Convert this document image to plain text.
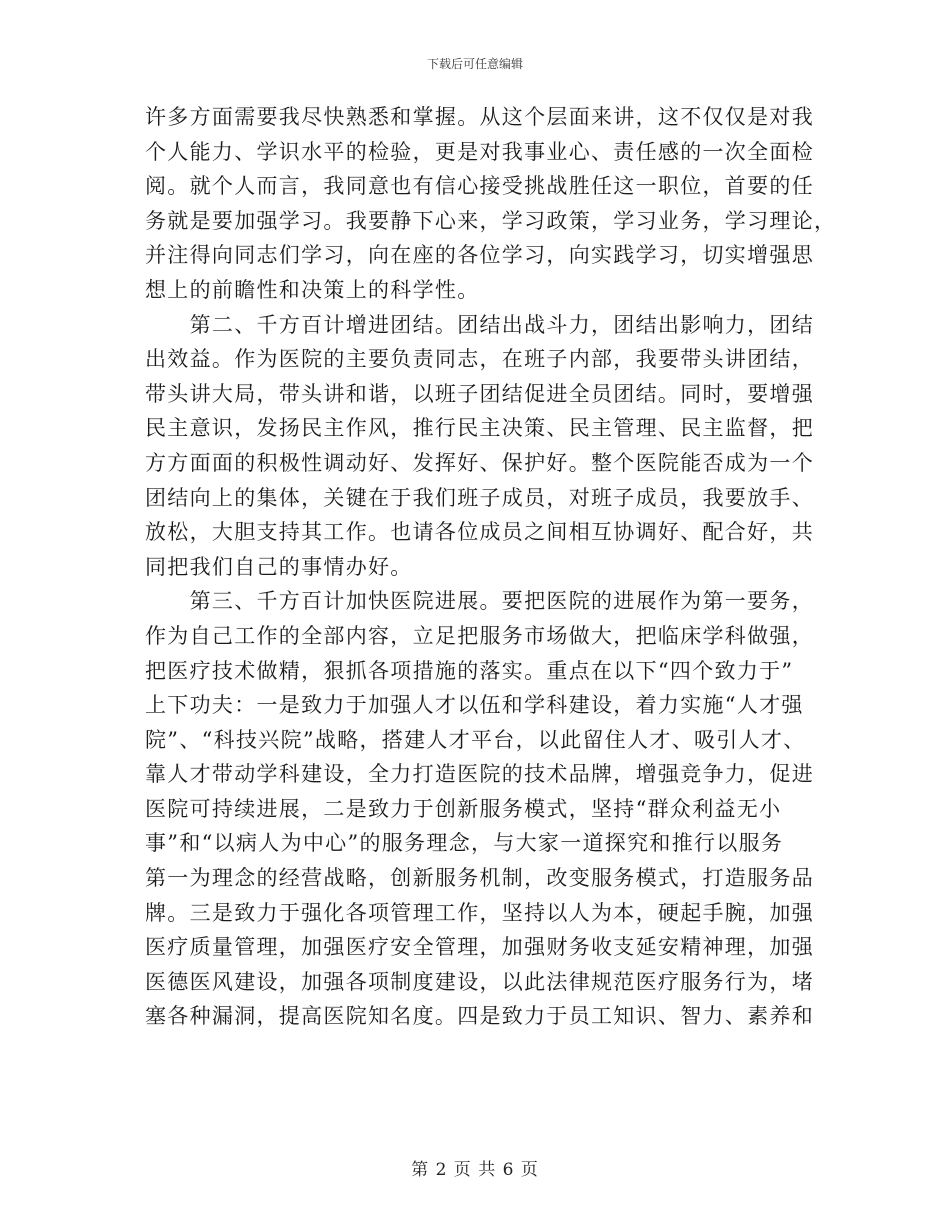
下载后可任意编辑
许多方面需要我尽快熟悉和掌握。从这个层面来讲，这不仅仅是对我
个人能力、学识水平的检验，更是对我事业心、责任感的一次全面检
阅。就个人而言，我同意也有信心接受挑战胜任这一职位，首要的任
务就是要加强学习。我要静下心来，学习政策，学习业务，学习理论，
并注得向同志们学习，向在座的各位学习，向实践学习，切实增强思
想上的前瞻性和决策上的科学性。
　　第二、千方百计增进团结。团结出战斗力，团结出影响力，团结
出效益。作为医院的主要负责同志，在班子内部，我要带头讲团结，
带头讲大局，带头讲和谐，以班子团结促进全员团结。同时，要增强
民主意识，发扬民主作风，推行民主决策、民主管理、民主监督，把
方方面面的积极性调动好、发挥好、保护好。整个医院能否成为一个
团结向上的集体，关键在于我们班子成员，对班子成员，我要放手、
放松，大胆支持其工作。也请各位成员之间相互协调好、配合好，共
同把我们自己的事情办好。
　　第三、千方百计加快医院进展。要把医院的进展作为第一要务，
作为自己工作的全部内容，立足把服务市场做大，把临床学科做强，
把医疗技术做精，狠抓各项措施的落实。重点在以下“四个致力于”
上下功夫：一是致力于加强人才以伍和学科建设，着力实施“人才强
院”、“科技兴院”战略，搭建人才平台，以此留住人才、吸引人才、
靠人才带动学科建设，全力打造医院的技术品牌，增强竞争力，促进
医院可持续进展，二是致力于创新服务模式，坚持“群众利益无小
事”和“以病人为中心”的服务理念，与大家一道探究和推行以服务
第一为理念的经营战略，创新服务机制，改变服务模式，打造服务品
牌。三是致力于强化各项管理工作，坚持以人为本，硬起手腕，加强
医疗质量管理，加强医疗安全管理，加强财务收支延安精神理，加强
医德医风建设，加强各项制度建设，以此法律规范医疗服务行为，堵
塞各种漏洞，提高医院知名度。四是致力于员工知识、智力、素养和
第 2 页 共 6 页
